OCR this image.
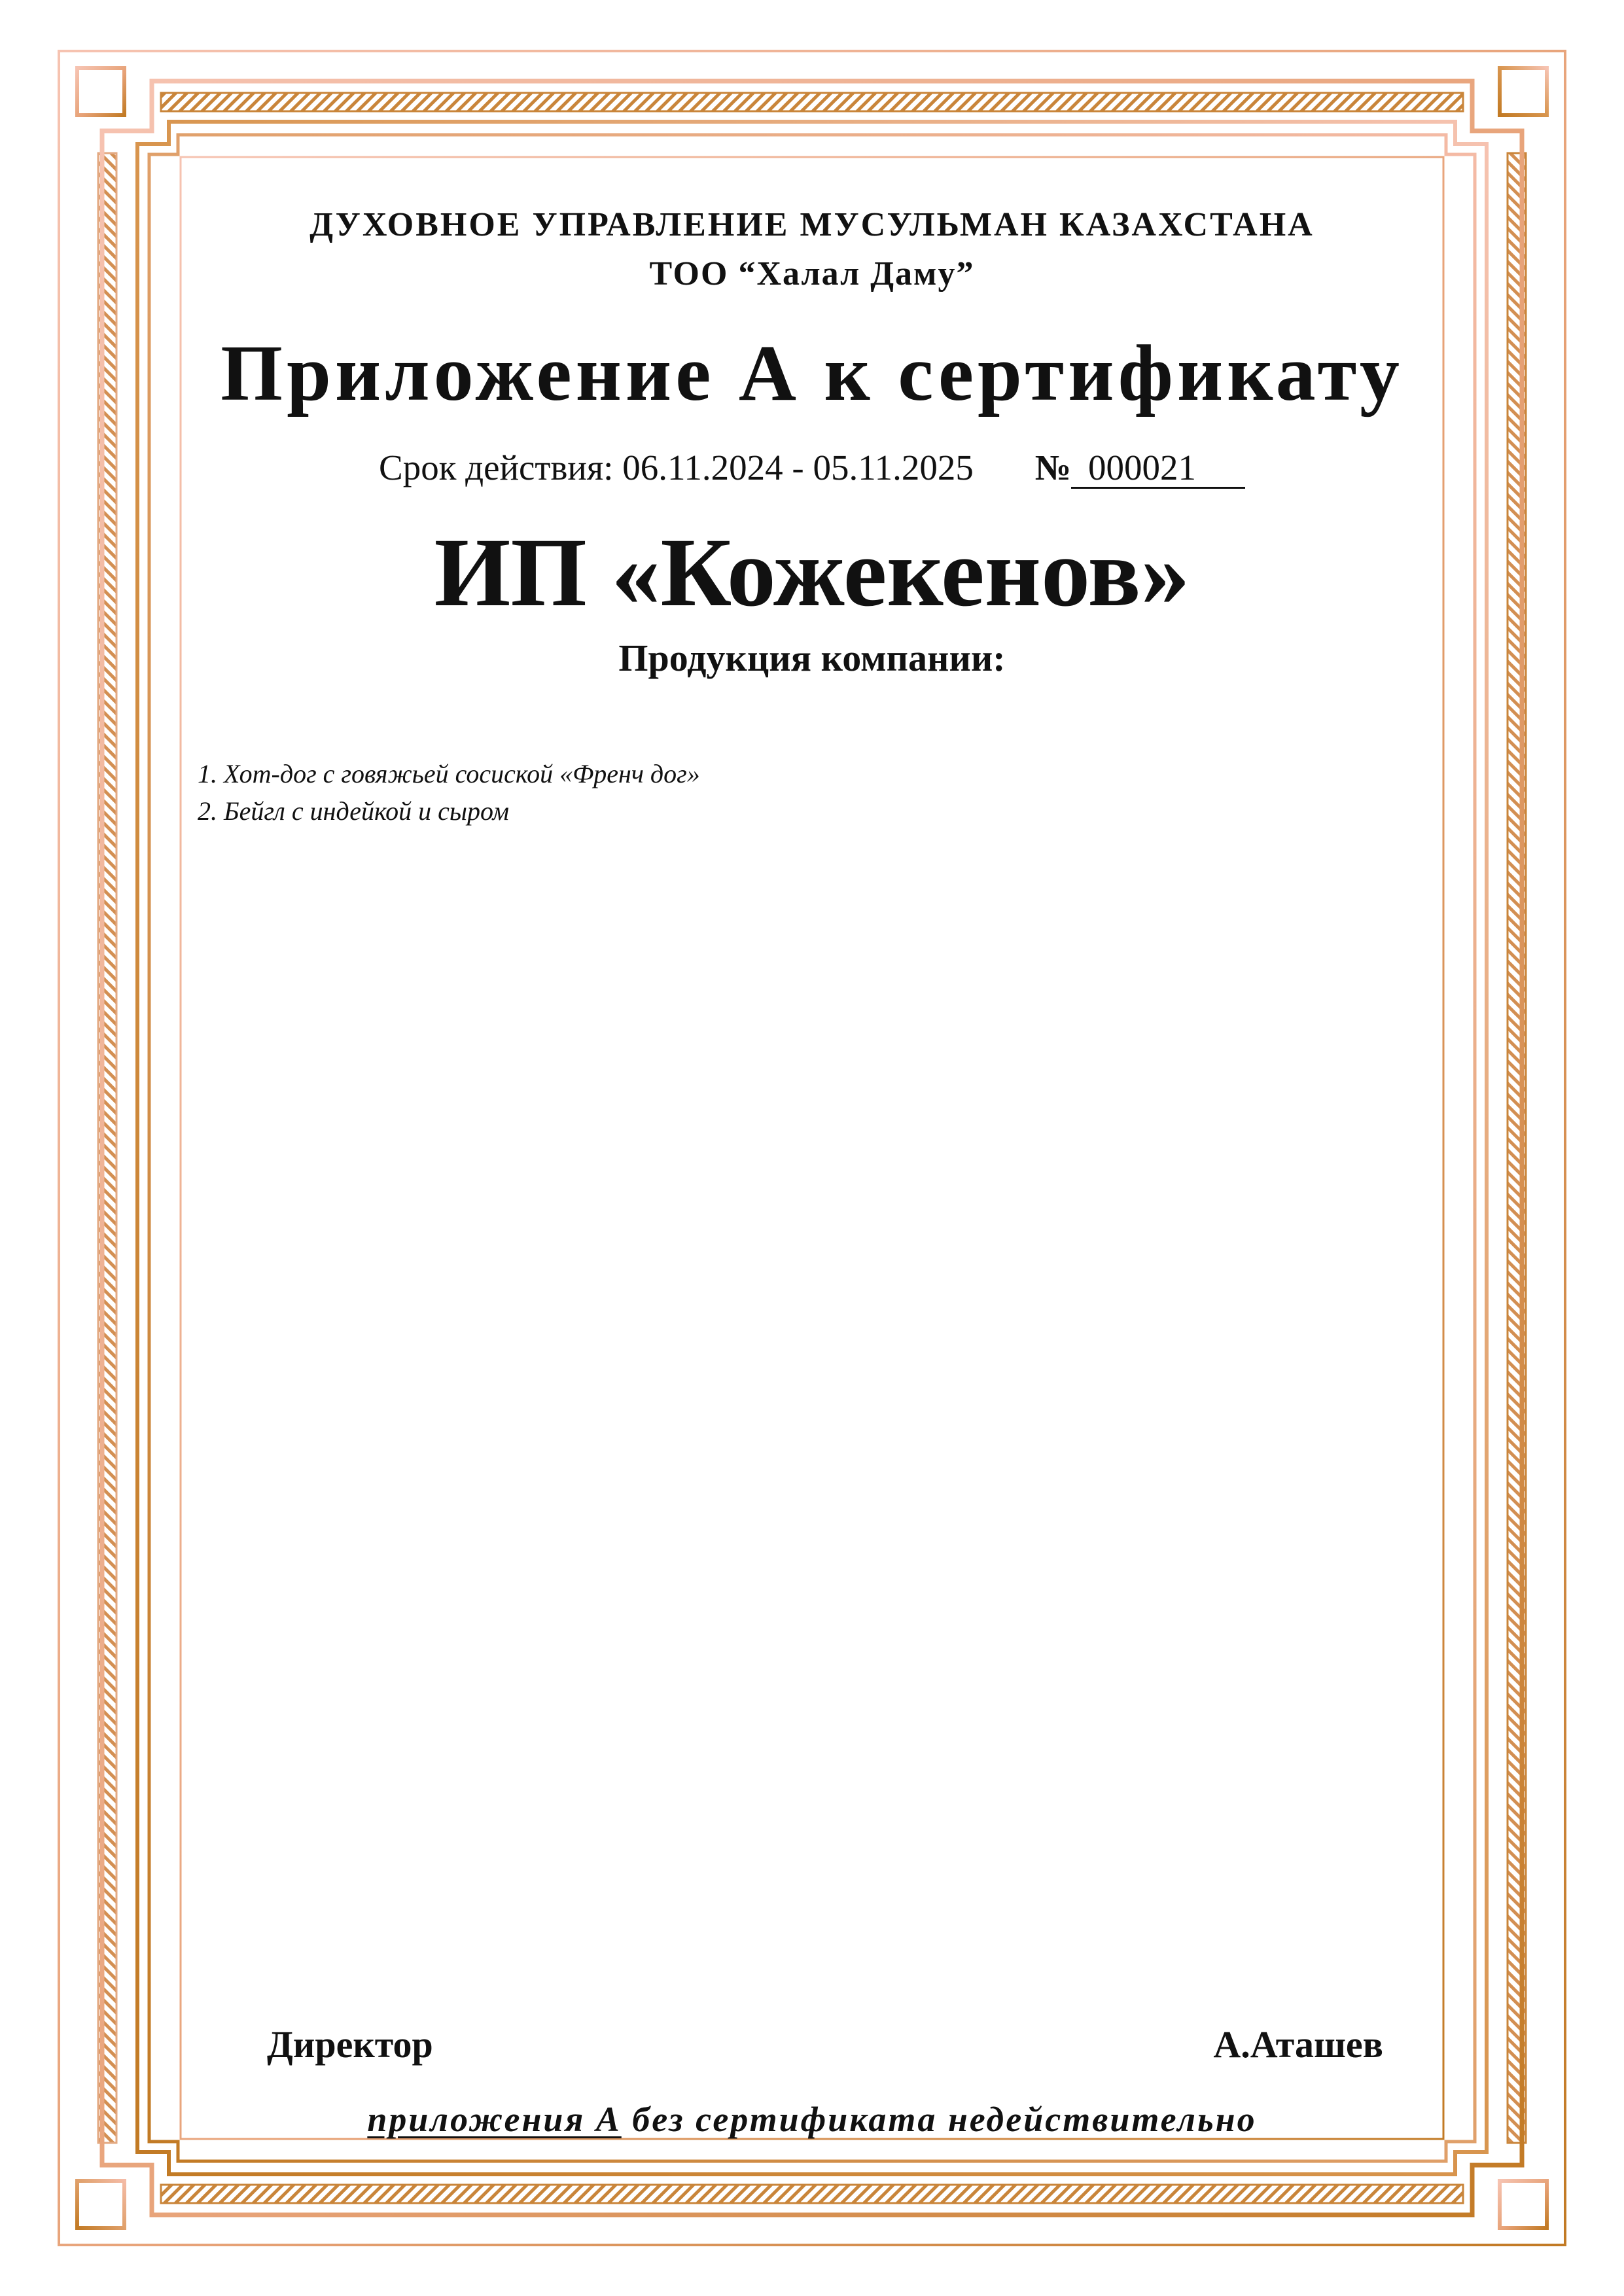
ДУХОВНОЕ УПРАВЛЕНИЕ МУСУЛЬМАН КАЗАХСТАНА
ТОО “Халал Даму”
Приложение А к сертификату
Срок действия: 06.11.2024 - 05.11.2025 № 000021
ИП «Кожекенов»
Продукция компании:
1. Хот-дог с говяжьей сосиской «Френч дог»
2. Бейгл с индейкой и сыром
Директор	А.Аташев
приложения А без сертификата недействительно
